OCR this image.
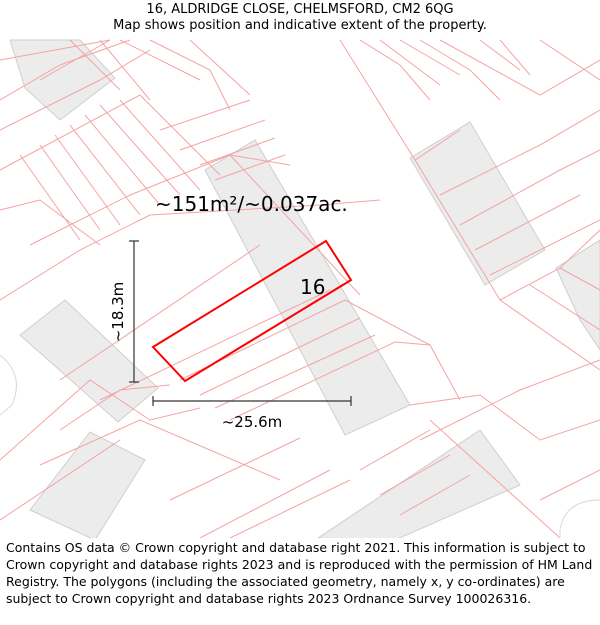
16, ALDRIDGE CLOSE, CHELMSFORD, CM2 6QG
Map shows position and indicative extent of the property.
~151m²/~0.037ac.
16
~25.6m
~18.3m
Contains OS data © Crown copyright and database right 2021. This information is subject to Crown copyright and database rights 2023 and is reproduced with the permission of HM Land Registry. The polygons (including the associated geometry, namely x, y co-ordinates) are subject to Crown copyright and database rights 2023 Ordnance Survey 100026316.
